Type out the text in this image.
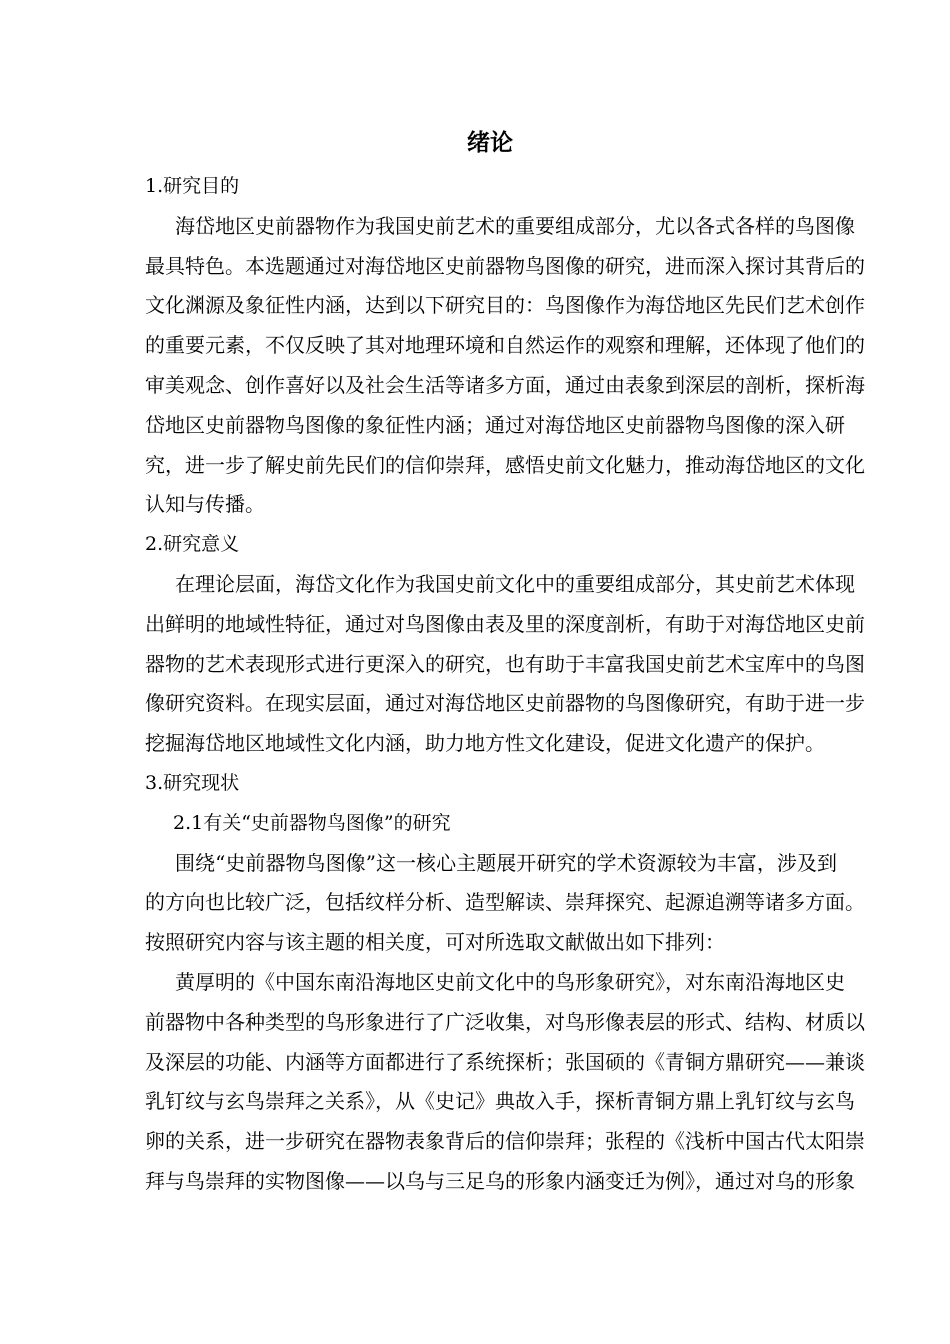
绪论
1.研究目的
海岱地区史前器物作为我国史前艺术的重要组成部分，尤以各式各样的鸟图像
最具特色。本选题通过对海岱地区史前器物鸟图像的研究，进而深入探讨其背后的
文化渊源及象征性内涵，达到以下研究目的：鸟图像作为海岱地区先民们艺术创作
的重要元素，不仅反映了其对地理环境和自然运作的观察和理解，还体现了他们的
审美观念、创作喜好以及社会生活等诸多方面，通过由表象到深层的剖析，探析海
岱地区史前器物鸟图像的象征性内涵；通过对海岱地区史前器物鸟图像的深入研
究，进一步了解史前先民们的信仰崇拜，感悟史前文化魅力，推动海岱地区的文化
认知与传播。
2.研究意义
在理论层面，海岱文化作为我国史前文化中的重要组成部分，其史前艺术体现
出鲜明的地域性特征，通过对鸟图像由表及里的深度剖析，有助于对海岱地区史前
器物的艺术表现形式进行更深入的研究，也有助于丰富我国史前艺术宝库中的鸟图
像研究资料。在现实层面，通过对海岱地区史前器物的鸟图像研究，有助于进一步
挖掘海岱地区地域性文化内涵，助力地方性文化建设，促进文化遗产的保护。
3.研究现状
2.1有关“史前器物鸟图像”的研究
围绕“史前器物鸟图像”这一核心主题展开研究的学术资源较为丰富，涉及到
的方向也比较广泛，包括纹样分析、造型解读、崇拜探究、起源追溯等诸多方面。
按照研究内容与该主题的相关度，可对所选取文献做出如下排列：
黄厚明的《中国东南沿海地区史前文化中的鸟形象研究》，对东南沿海地区史
前器物中各种类型的鸟形象进行了广泛收集，对鸟形像表层的形式、结构、材质以
及深层的功能、内涵等方面都进行了系统探析；张国硕的《青铜方鼎研究——兼谈
乳钉纹与玄鸟崇拜之关系》，从《史记》典故入手，探析青铜方鼎上乳钉纹与玄鸟
卵的关系，进一步研究在器物表象背后的信仰崇拜；张程的《浅析中国古代太阳崇
拜与鸟崇拜的实物图像——以乌与三足乌的形象内涵变迁为例》，通过对乌的形象
